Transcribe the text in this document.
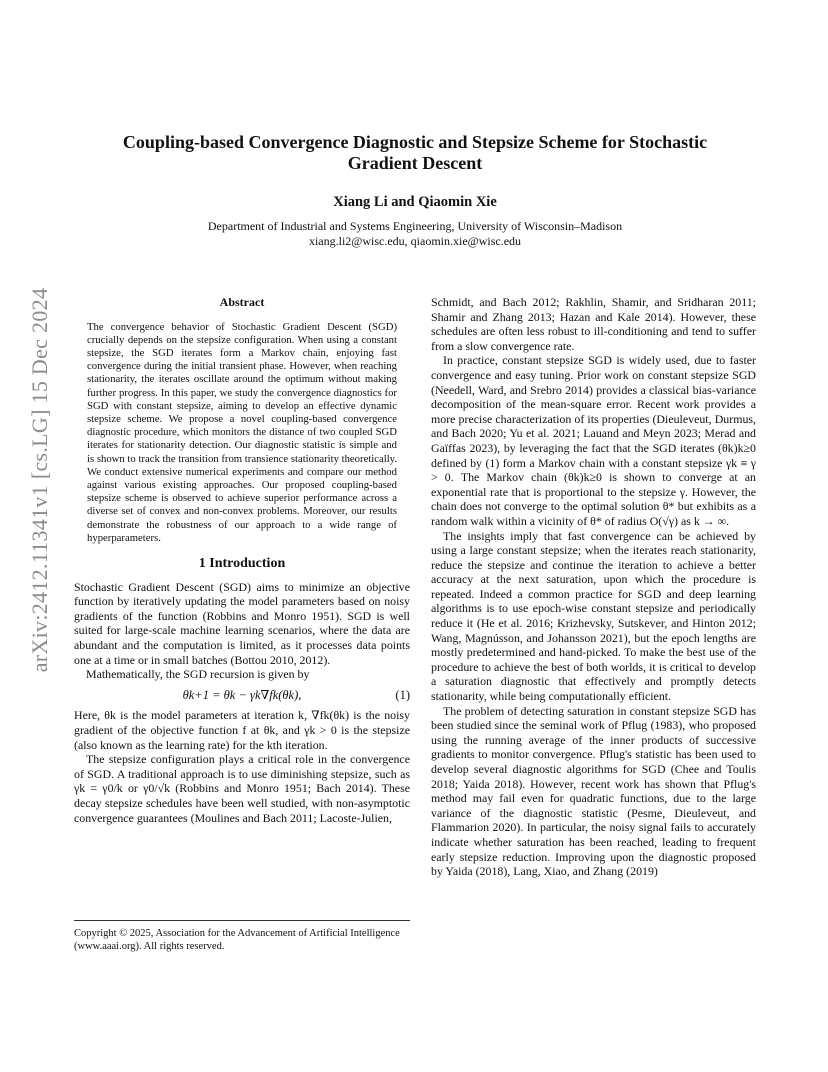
arXiv:2412.11341v1 [cs.LG] 15 Dec 2024
Coupling-based Convergence Diagnostic and Stepsize Scheme for Stochastic Gradient Descent
Xiang Li and Qiaomin Xie
Department of Industrial and Systems Engineering, University of Wisconsin–Madison
xiang.li2@wisc.edu, qiaomin.xie@wisc.edu
Abstract

The convergence behavior of Stochastic Gradient Descent (SGD) crucially depends on the stepsize configuration. When using a constant stepsize, the SGD iterates form a Markov chain, enjoying fast convergence during the initial transient phase. However, when reaching stationarity, the iterates oscillate around the optimum without making further progress. In this paper, we study the convergence diagnostics for SGD with constant stepsize, aiming to develop an effective dynamic stepsize scheme. We propose a novel coupling-based convergence diagnostic procedure, which monitors the distance of two coupled SGD iterates for stationarity detection. Our diagnostic statistic is simple and is shown to track the transition from transience stationarity theoretically. We conduct extensive numerical experiments and compare our method against various existing approaches. Our proposed coupling-based stepsize scheme is observed to achieve superior performance across a diverse set of convex and non-convex problems. Moreover, our results demonstrate the robustness of our approach to a wide range of hyperparameters.

1 Introduction

Stochastic Gradient Descent (SGD) aims to minimize an objective function by iteratively updating the model parameters based on noisy gradients of the function (Robbins and Monro 1951). SGD is well suited for large-scale machine learning scenarios, where the data are abundant and the computation is limited, as it processes data points one at a time or in small batches (Bottou 2010, 2012).

Mathematically, the SGD recursion is given by

θk+1 = θk − γk∇fk(θk),	(1)

Here, θk is the model parameters at iteration k, ∇fk(θk) is the noisy gradient of the objective function f at θk, and γk > 0 is the stepsize (also known as the learning rate) for the kth iteration.

The stepsize configuration plays a critical role in the convergence of SGD. A traditional approach is to use diminishing stepsize, such as γk = γ0/k or γ0/√k (Robbins and Monro 1951; Bach 2014). These decay stepsize schedules have been well studied, with non-asymptotic convergence guarantees (Moulines and Bach 2011; Lacoste-Julien,

Copyright © 2025, Association for the Advancement of Artificial Intelligence (www.aaai.org). All rights reserved.

Schmidt, and Bach 2012; Rakhlin, Shamir, and Sridharan 2011; Shamir and Zhang 2013; Hazan and Kale 2014). However, these schedules are often less robust to ill-conditioning and tend to suffer from a slow convergence rate.

In practice, constant stepsize SGD is widely used, due to faster convergence and easy tuning. Prior work on constant stepsize SGD (Needell, Ward, and Srebro 2014) provides a classical bias-variance decomposition of the mean-square error. Recent work provides a more precise characterization of its properties (Dieuleveut, Durmus, and Bach 2020; Yu et al. 2021; Lauand and Meyn 2023; Merad and Gaïffas 2023), by leveraging the fact that the SGD iterates (θk)k≥0 defined by (1) form a Markov chain with a constant stepsize γk ≡ γ > 0. The Markov chain (θk)k≥0 is shown to converge at an exponential rate that is proportional to the stepsize γ. However, the chain does not converge to the optimal solution θ* but exhibits as a random walk within a vicinity of θ* of radius O(√γ) as k → ∞.

The insights imply that fast convergence can be achieved by using a large constant stepsize; when the iterates reach stationarity, reduce the stepsize and continue the iteration to achieve a better accuracy at the next saturation, upon which the procedure is repeated. Indeed a common practice for SGD and deep learning algorithms is to use epoch-wise constant stepsize and periodically reduce it (He et al. 2016; Krizhevsky, Sutskever, and Hinton 2012; Wang, Magnússon, and Johansson 2021), but the epoch lengths are mostly predetermined and hand-picked. To make the best use of the procedure to achieve the best of both worlds, it is critical to develop a saturation diagnostic that effectively and promptly detects stationarity, while being computationally efficient.

The problem of detecting saturation in constant stepsize SGD has been studied since the seminal work of Pflug (1983), who proposed using the running average of the inner products of successive gradients to monitor convergence. Pflug's statistic has been used to develop several diagnostic algorithms for SGD (Chee and Toulis 2018; Yaida 2018). However, recent work has shown that Pflug's method may fail even for quadratic functions, due to the large variance of the diagnostic statistic (Pesme, Dieuleveut, and Flammarion 2020). In particular, the noisy signal fails to accurately indicate whether saturation has been reached, leading to frequent early stepsize reduction. Improving upon the diagnostic proposed by Yaida (2018), Lang, Xiao, and Zhang (2019)
